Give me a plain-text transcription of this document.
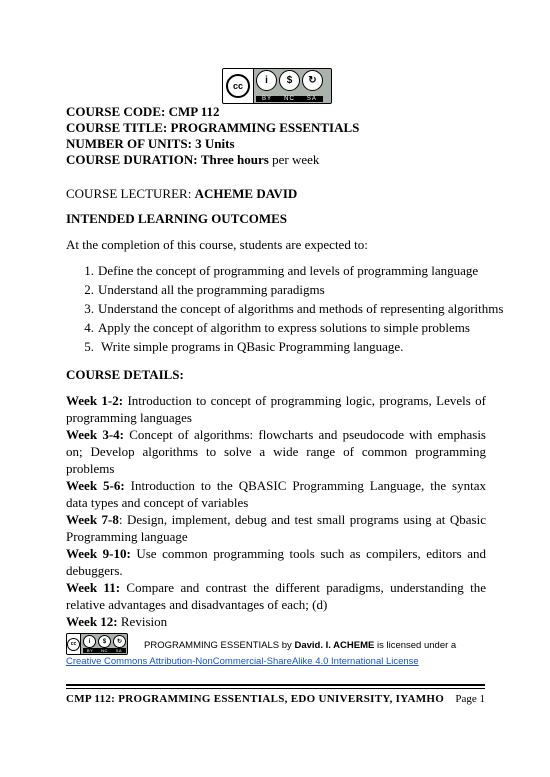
cc	i	$	↻
BY NC SA
COURSE CODE: CMP 112
COURSE TITLE: PROGRAMMING ESSENTIALS
NUMBER OF UNITS: 3 Units
COURSE DURATION: Three hours per week
COURSE LECTURER: ACHEME DAVID
INTENDED LEARNING OUTCOMES
At the completion of this course, students are expected to:
1. Define the concept of programming and levels of programming language
2. Understand all the programming paradigms
3. Understand the concept of algorithms and methods of representing algorithms
4. Apply the concept of algorithm to express solutions to simple problems
5. Write simple programs in QBasic Programming language.
COURSE DETAILS:

Week 1-2: Introduction to concept of programming logic, programs, Levels of programming languages

Week 3-4: Concept of algorithms: flowcharts and pseudocode with emphasis on; Develop algorithms to solve a wide range of common programming problems

Week 5-6: Introduction to the QBASIC Programming Language, the syntax data types and concept of variables

Week 7-8: Design, implement, debug and test small programs using at Qbasic Programming language

Week 9-10: Use common programming tools such as compilers, editors and debuggers.

Week 11: Compare and contrast the different paradigms, understanding the relative advantages and disadvantages of each; (d)

Week 12: Revision

cc	i	$	↻
BY NC SA	PROGRAMMING ESSENTIALS by David. I. ACHEME is licensed under a Creative Commons Attribution-NonCommercial-ShareAlike 4.0 International License
CMP 112: PROGRAMMING ESSENTIALS, EDO UNIVERSITY, IYAMHO Page 1
